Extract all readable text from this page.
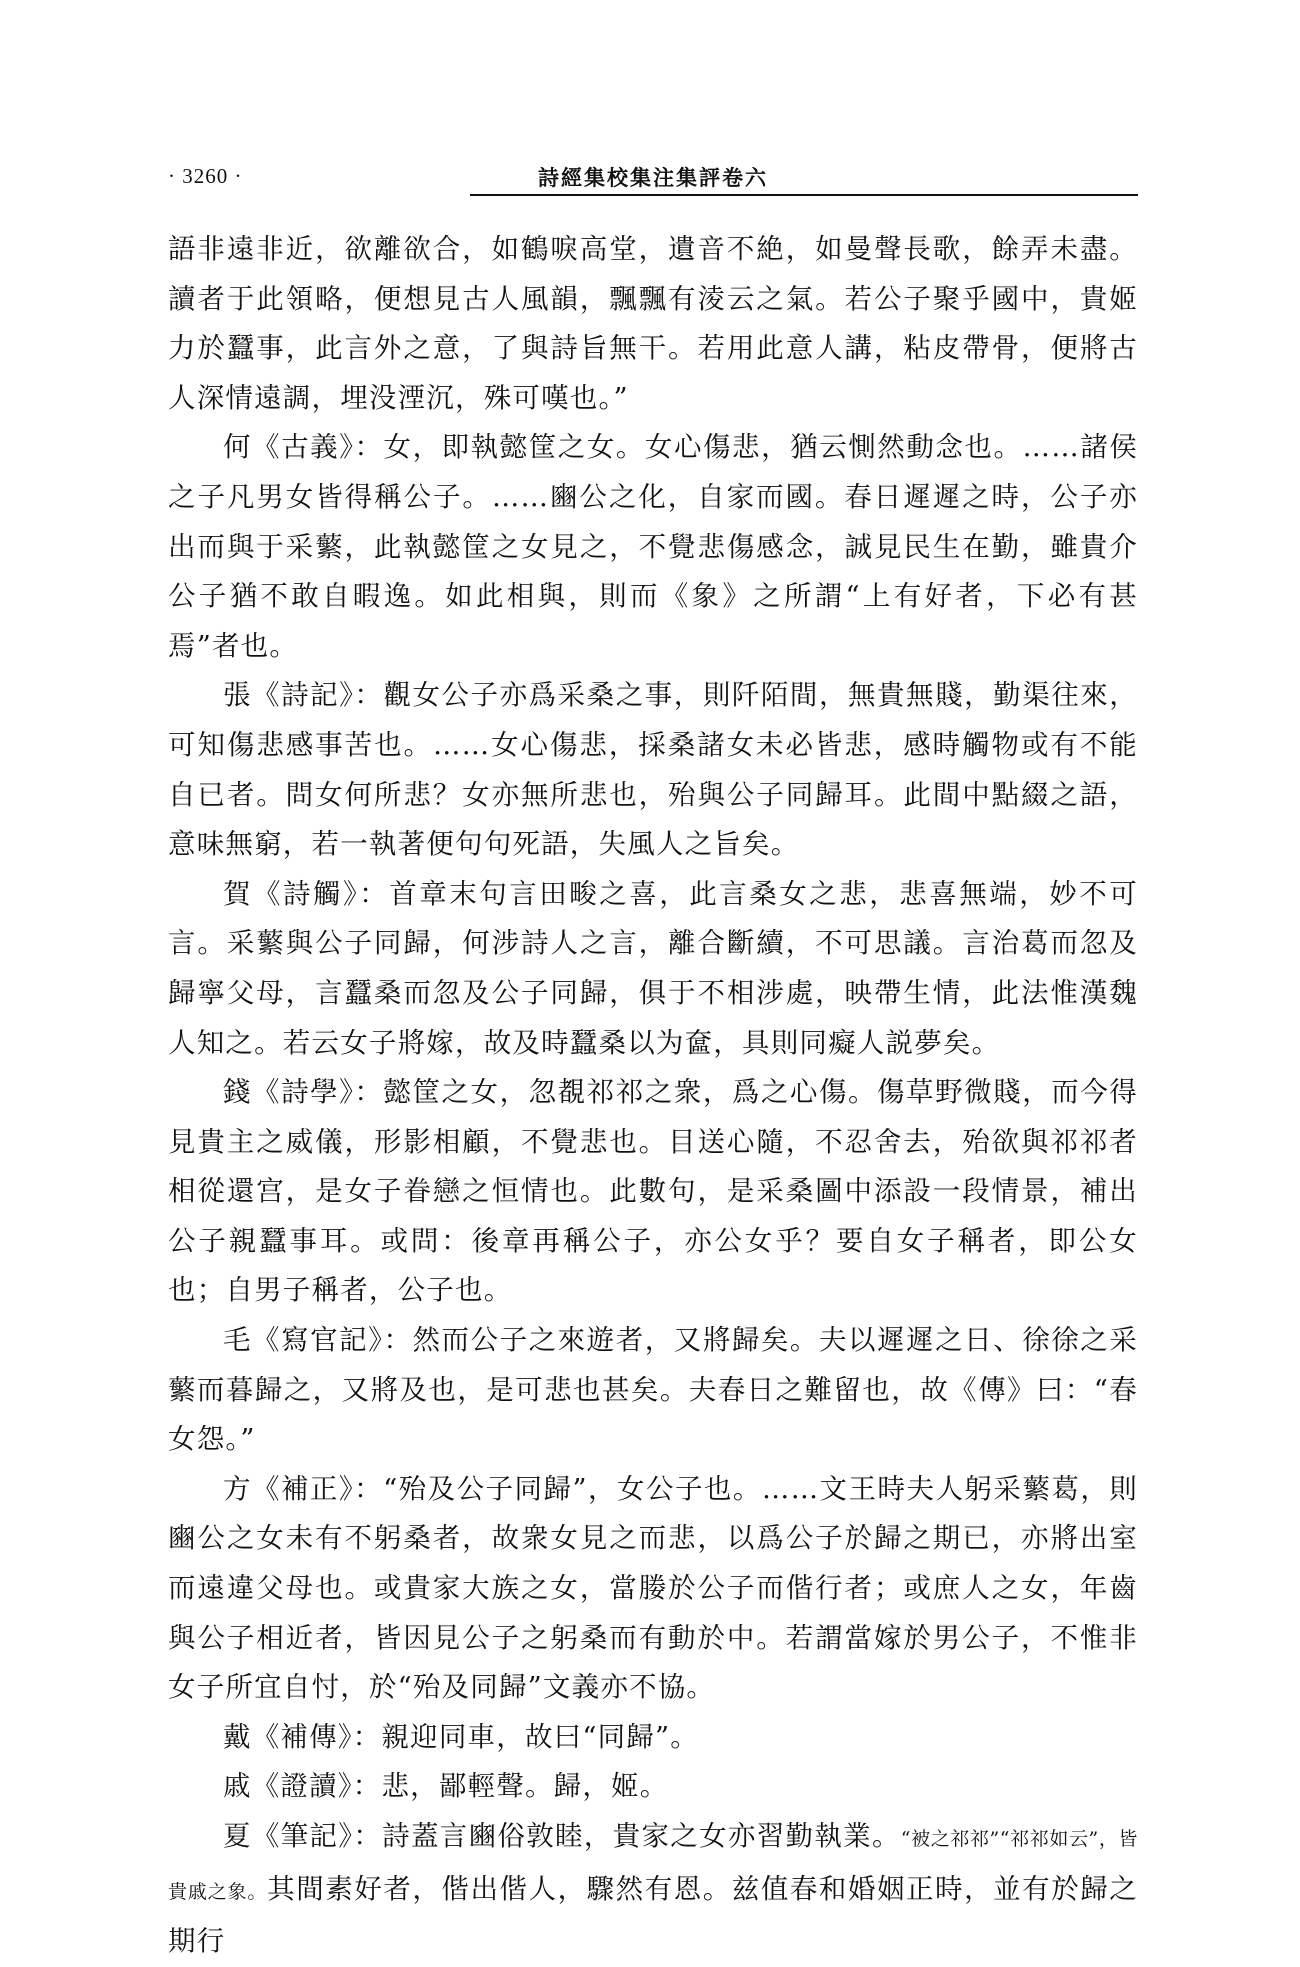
· 3260 ·	詩經集校集注集評卷六

語非遠非近，欲離欲合，如鶴唳高堂，遺音不絶，如曼聲長歌，餘弄未盡。讀者于此領略，便想見古人風韻，飄飄有淩云之氣。若公子聚乎國中，貴姬力於蠶事，此言外之意，了與詩旨無干。若用此意人講，粘皮帶骨，便將古人深情遠調，埋没湮沉，殊可嘆也。”

何《古義》：女，即執懿筐之女。女心傷悲，猶云惻然動念也。……諸侯之子凡男女皆得稱公子。……豳公之化，自家而國。春日遲遲之時，公子亦出而與于采蘩，此執懿筐之女見之，不覺悲傷感念，誠見民生在勤，雖貴介公子猶不敢自暇逸。如此相與，則而《象》之所謂“上有好者，下必有甚焉”者也。

張《詩記》：觀女公子亦爲采桑之事，則阡陌間，無貴無賤，勤渠往來，可知傷悲感事苦也。……女心傷悲，採桑諸女未必皆悲，感時觸物或有不能自已者。問女何所悲？女亦無所悲也，殆與公子同歸耳。此間中點綴之語，意味無窮，若一執著便句句死語，失風人之旨矣。

賀《詩觸》：首章末句言田畯之喜，此言桑女之悲，悲喜無端，妙不可言。采蘩與公子同歸，何涉詩人之言，離合斷續，不可思議。言治葛而忽及歸寧父母，言蠶桑而忽及公子同歸，俱于不相涉處，映帶生情，此法惟漢魏人知之。若云女子將嫁，故及時蠶桑以为奩，具則同癡人説夢矣。

錢《詩學》：懿筐之女，忽覩祁祁之衆，爲之心傷。傷草野微賤，而今得見貴主之威儀，形影相顧，不覺悲也。目送心隨，不忍舍去，殆欲與祁祁者相從還宫，是女子眷戀之恒情也。此數句，是采桑圖中添設一段情景，補出公子親蠶事耳。或問：後章再稱公子，亦公女乎？要自女子稱者，即公女也；自男子稱者，公子也。

毛《寫官記》：然而公子之來遊者，又將歸矣。夫以遲遲之日、徐徐之采蘩而暮歸之，又將及也，是可悲也甚矣。夫春日之難留也，故《傳》曰：“春女怨。”

方《補正》：“殆及公子同歸”，女公子也。……文王時夫人躬采蘩葛，則豳公之女未有不躬桑者，故衆女見之而悲，以爲公子於歸之期已，亦將出室而遠違父母也。或貴家大族之女，當媵於公子而偕行者；或庶人之女，年齒與公子相近者，皆因見公子之躬桑而有動於中。若謂當嫁於男公子，不惟非女子所宜自忖，於“殆及同歸”文義亦不協。

戴《補傳》：親迎同車，故曰“同歸”。

戚《證讀》：悲，鄙輕聲。歸，姬。

夏《筆記》：詩蓋言豳俗敦睦，貴家之女亦習勤執業。“被之祁祁”“祁祁如云”，皆貴戚之象。其間素好者，偕出偕人，驟然有恩。兹值春和婚姻正時，並有於歸之期行
